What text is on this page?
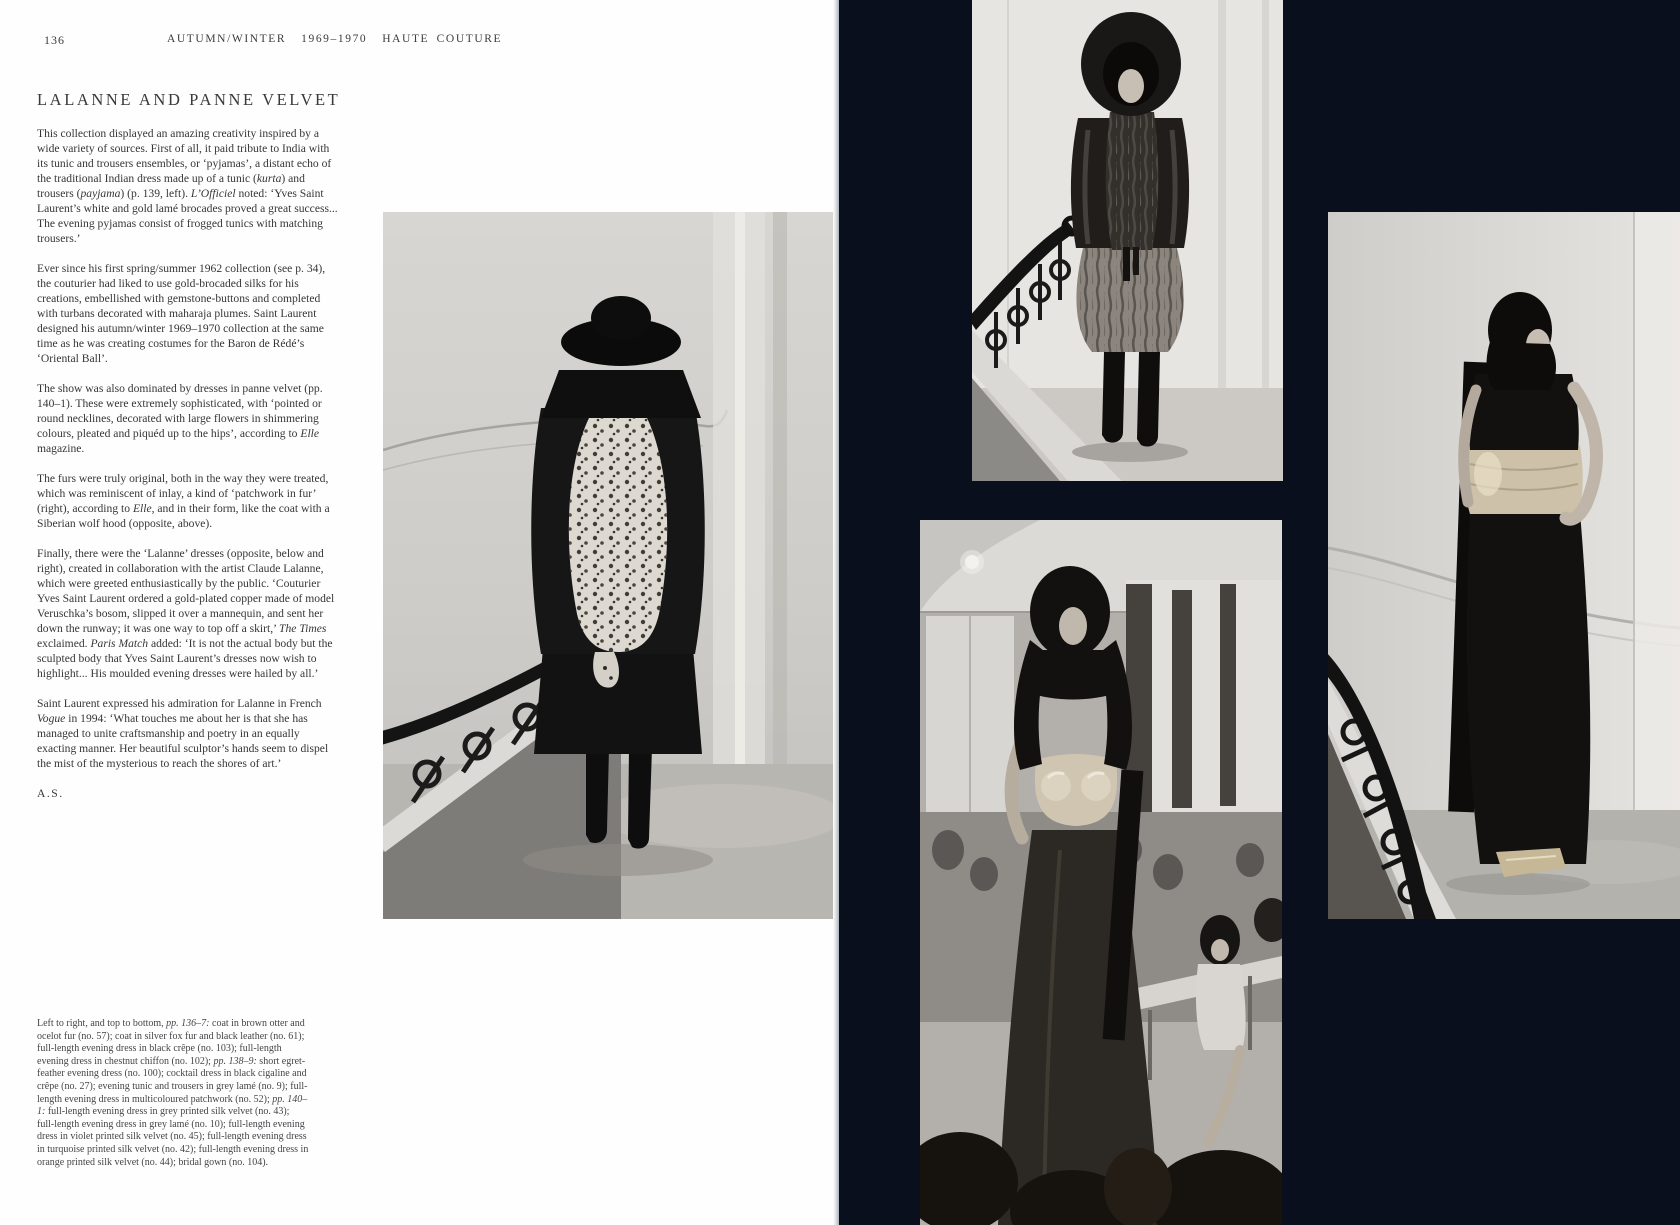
136	AUTUMN/WINTER  1969–1970  HAUTE COUTURE
LALANNE AND PANNE VELVET

This collection displayed an amazing creativity inspired by a wide variety of sources. First of all, it paid tribute to India with its tunic and trousers ensembles, or ‘pyjamas’, a distant echo of the traditional Indian dress made up of a tunic (kurta) and trousers (payjama) (p. 139, left). L’Officiel noted: ‘Yves Saint Laurent’s white and gold lamé brocades proved a great success... The evening pyjamas consist of frogged tunics with matching trousers.’

Ever since his first spring/summer 1962 collection (see p. 34), the couturier had liked to use gold-brocaded silks for his creations, embellished with gemstone-buttons and completed with turbans decorated with maharaja plumes. Saint Laurent designed his autumn/winter 1969–1970 collection at the same time as he was creating costumes for the Baron de Rédé’s ‘Oriental Ball’.

The show was also dominated by dresses in panne velvet (pp. 140–1). These were extremely sophisticated, with ‘pointed or round necklines, decorated with large flowers in shimmering colours, pleated and piquéd up to the hips’, according to Elle magazine.

The furs were truly original, both in the way they were treated, which was reminiscent of inlay, a kind of ‘patchwork in fur’ (right), according to Elle, and in their form, like the coat with a Siberian wolf hood (opposite, above).

Finally, there were the ‘Lalanne’ dresses (opposite, below and right), created in collaboration with the artist Claude Lalanne, which were greeted enthusiastically by the public. ‘Couturier Yves Saint Laurent ordered a gold-plated copper made of model Veruschka’s bosom, slipped it over a mannequin, and sent her down the runway; it was one way to top off a skirt,’ The Times exclaimed. Paris Match added: ‘It is not the actual body but the sculpted body that Yves Saint Laurent’s dresses now wish to highlight... His moulded evening dresses were hailed by all.’

Saint Laurent expressed his admiration for Lalanne in French Vogue in 1994: ‘What touches me about her is that she has managed to unite craftsmanship and poetry in an equally exacting manner. Her beautiful sculptor’s hands seem to dispel the mist of the mysterious to reach the shores of art.’

A.S.

Left to right, and top to bottom, pp. 136–7: coat in brown otter and ocelot fur (no. 57); coat in silver fox fur and black leather (no. 61); full-length evening dress in black crêpe (no. 103); full-length evening dress in chestnut chiffon (no. 102); pp. 138–9: short egret-feather evening dress (no. 100); cocktail dress in black cigaline and crêpe (no. 27); evening tunic and trousers in grey lamé (no. 9); full-length evening dress in multicoloured patchwork (no. 52); pp. 140–1: full-length evening dress in grey printed silk velvet (no. 43); full-length evening dress in grey lamé (no. 10); full-length evening dress in violet printed silk velvet (no. 45); full-length evening dress in turquoise printed silk velvet (no. 42); full-length evening dress in orange printed silk velvet (no. 44); bridal gown (no. 104).
